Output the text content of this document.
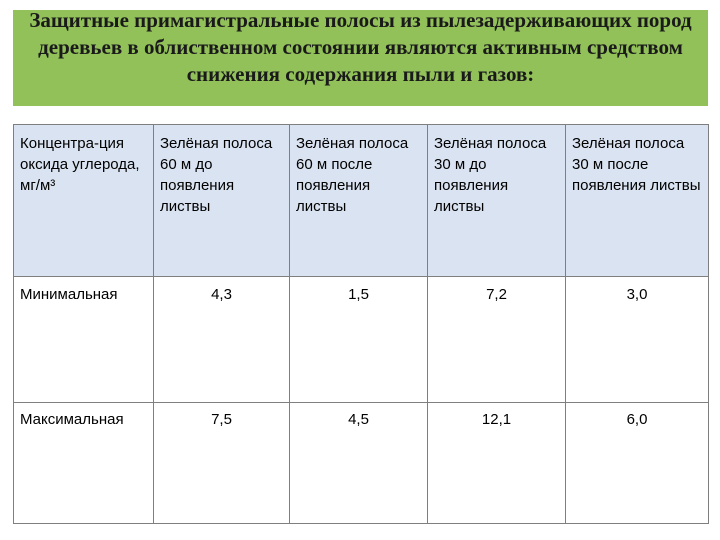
Защитные примагистральные полосы из пылезадерживающих пород деревьев в облиственном состоянии являются активным средством снижения содержания пыли и газов:

Концентра-ция оксида углерода, мг/м³	Зелёная полоса 60 м до появления листвы	Зелёная полоса 60 м после появления листвы	Зелёная полоса 30 м до появления листвы	Зелёная полоса 30 м после появления листвы
Минимальная	4,3	1,5	7,2	3,0
Максимальная	7,5	4,5	12,1	6,0
